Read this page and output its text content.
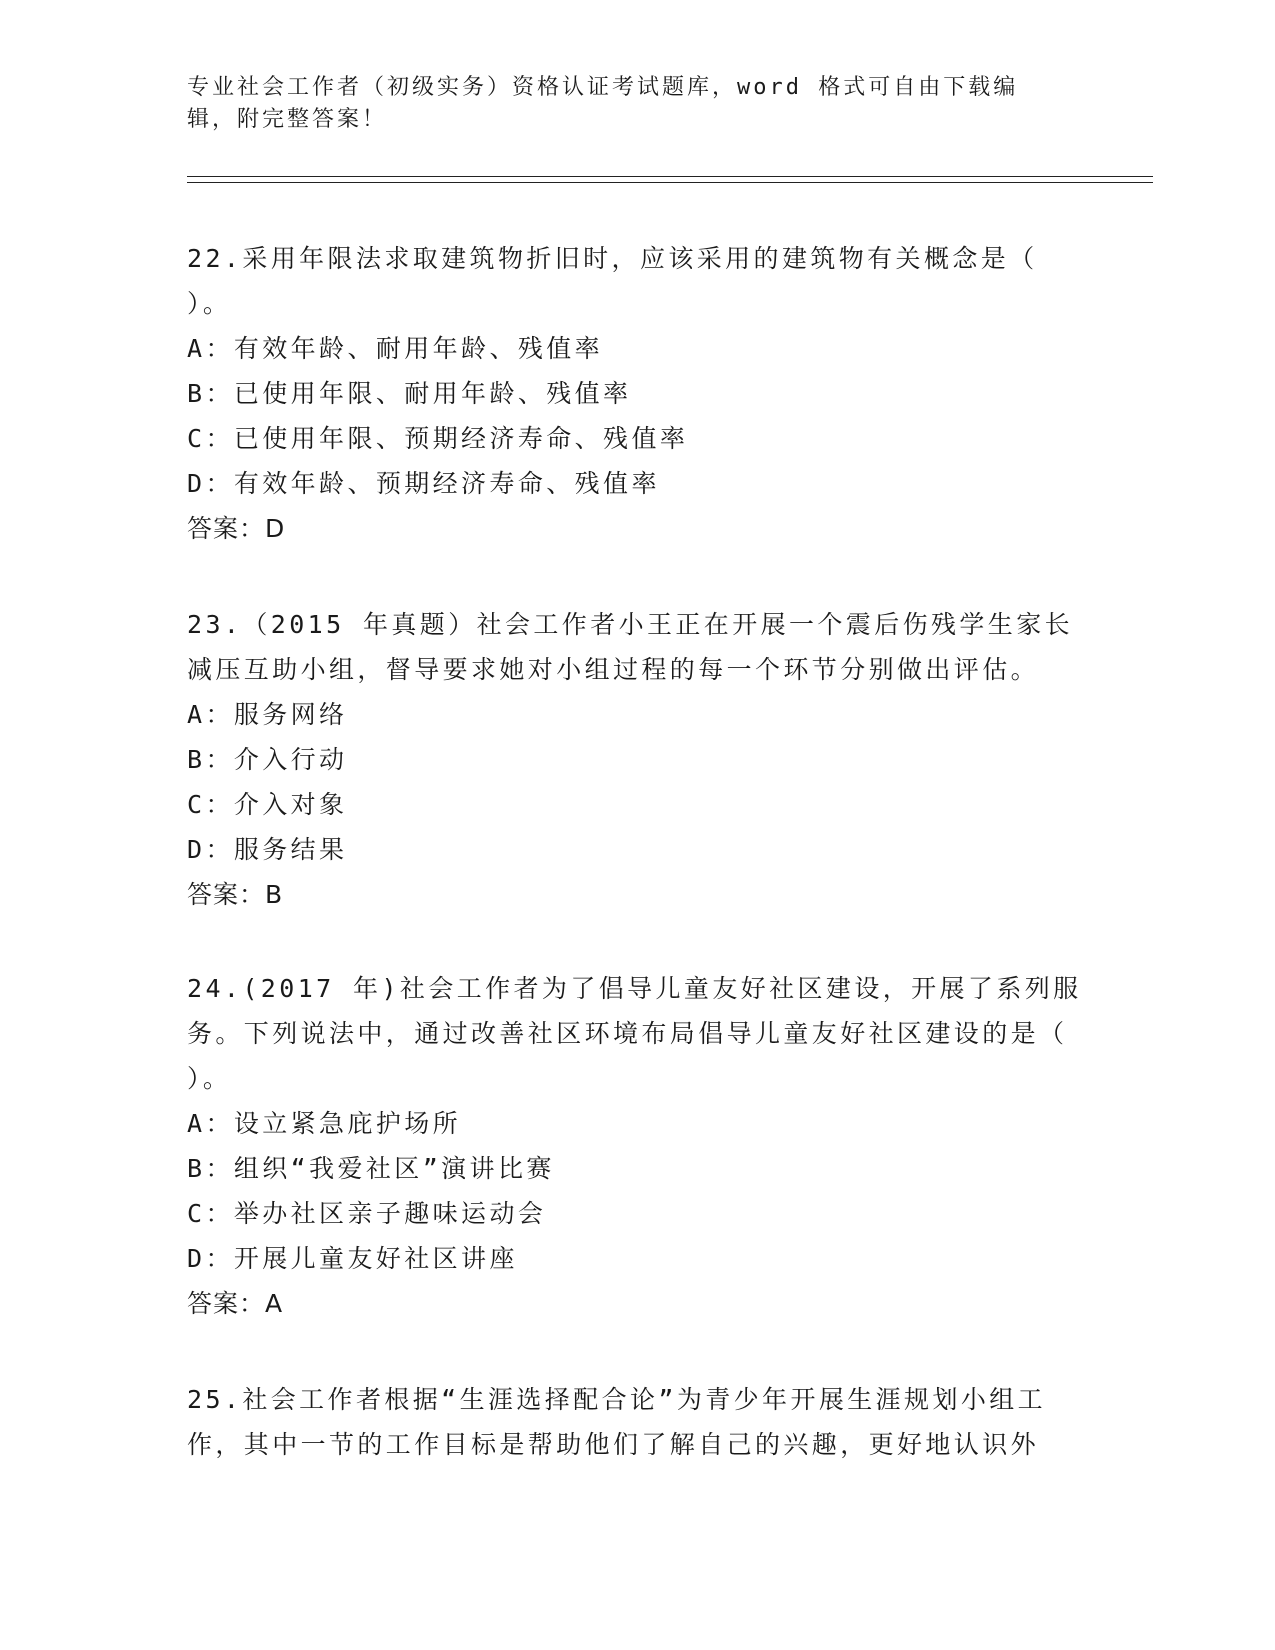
专业社会工作者（初级实务）资格认证考试题库，word 格式可自由下载编辑，附完整答案！

22.采用年限法求取建筑物折旧时，应该采用的建筑物有关概念是（ ）。

A：有效年龄、耐用年龄、残值率

B：已使用年限、耐用年龄、残值率

C：已使用年限、预期经济寿命、残值率

D：有效年龄、预期经济寿命、残值率

答案：D

23.（2015 年真题）社会工作者小王正在开展一个震后伤残学生家长减压互助小组，督导要求她对小组过程的每一个环节分别做出评估。

A：服务网络

B：介入行动

C：介入对象

D：服务结果

答案：B

24.(2017 年)社会工作者为了倡导儿童友好社区建设，开展了系列服务。下列说法中，通过改善社区环境布局倡导儿童友好社区建设的是（ ）。

A：设立紧急庇护场所

B：组织“我爱社区”演讲比赛

C：举办社区亲子趣味运动会

D：开展儿童友好社区讲座

答案：A

25.社会工作者根据“生涯选择配合论”为青少年开展生涯规划小组工作，其中一节的工作目标是帮助他们了解自己的兴趣，更好地认识外
